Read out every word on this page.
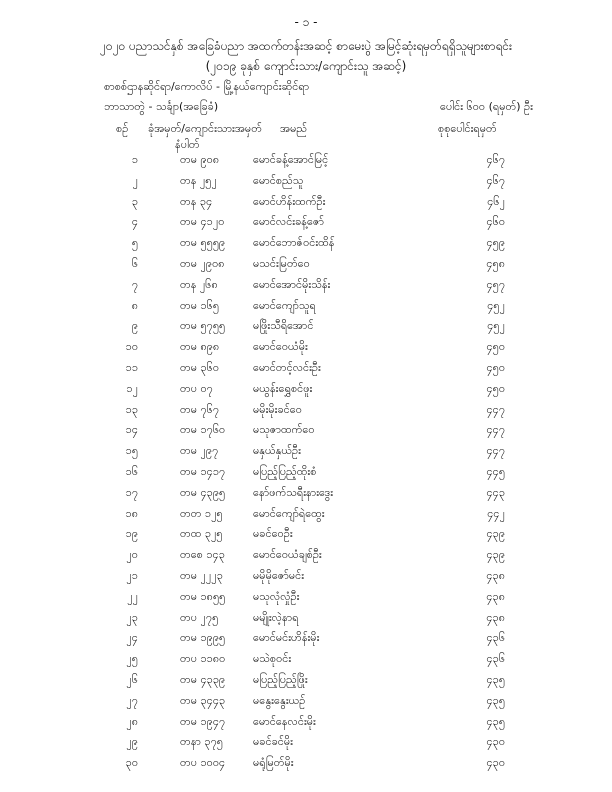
- ၁ -
၂၀၂၀ ပညာသင်နှစ် အခြေခံပညာ အထက်တန်းအဆင့် စာမေးပွဲ အမြင့်ဆုံးရမှတ်ရရှိသူများစာရင်း
(၂၀၁၉ ခုနှစ် ကျောင်းသား/ကျောင်းသူ အဆင့်)
စာစစ်ဌာနဆိုင်ရာ/ကောလိပ် - မြို့နယ်ကျောင်းဆိုင်ရာ
ဘာသာတွဲ - သင်္ချာ(အခြေခံ)	ပေါင်း ၆၀၀ (ရမှတ်) ဦး
စဉ် ခုံအမှတ်/ကျောင်းသားအမှတ်
နံပါတ်
အမည်	စုစုပေါင်းရမှတ်
၁	တမ ၉၀၈	မောင်ခန့်အောင်မြင့်	၄၆၇
၂	တန ၂၅၂	မောင်စည်သူ	၄၆၇
၃	တန ၃၄	မောင်ဟိန်းထက်ဦး	၄၆၂
၄	တမ ၄၁၂၀	မောင်လင်းခန့်ဇော်	၄၆၀
၅	တမ ၅၅၅၉	မောင်ဘောဇ်ဝင်းထိန်	၄၅၉
၆	တမ ၂၉၀၈	မသင်းမြတ်ဝေ	၄၅၈
၇	တန ၂၆၈	မောင်အောင်မိုးသိန်း	၄၅၇
၈	တမ ၁၆၅	မောင်ကျော်သူရ	၄၅၂
၉	တမ ၅၇၅၅	မဖြိုးသီရိအောင်	၄၅၂
၁၀	တမ ၈၉၈	မောင်ဝေယံမိုး	၄၅၀
၁၁	တမ ၃၆၀	မောင်တင့်လင်းဦး	၄၅၀
၁၂	တပ ၀၇	မယွန်းရွှေစင်ဖူး	၄၅၀
၁၃	တမ ၇၆၇	မမိုးမိုးခင်ဝေ	၄၄၇
၁၄	တမ ၁၇၆၀	မသုဇာထက်ဝေ	၄၄၇
၁၅	တမ ၂၉၇	မနှယ်နှယ်ဦး	၄၄၇
၁၆	တမ ၁၄၁၇	မပြည့်ပြည့်ထိုးစံ	၄၄၅
၁၇	တမ ၄၃၉၅	နော်ဖက်သရီးနားဒွေး	၄၄၃
၁၈	တတ ၁၂၅	မောင်ကျော်ရဲထွေး	၄၄၂
၁၉	တထ ၃၂၅	မခင်ဝေဦး	၄၃၉
၂၀	တစေ ၁၄၃	မောင်ဝေယံချစ်ဦး	၄၃၉
၂၁	တမ ၂၂၂၃	မမိုမိုဇော်မင်း	၄၃၈
၂၂	တမ ၁၈၅၅	မသုလုံလှုံဦး	၄၃၈
၂၃	တပ ၂၇၅	မမျိုးလဲ့နာရ	၄၃၈
၂၄	တမ ၁၉၉၅	မောင်မင်းဟိန်းမိုး	၄၃၆
၂၅	တပ ၁၁၈၀	မသဲစုဝင်း	၄၃၆
၂၆	တမ ၄၃၃၉	မပြည့်ပြည့်ဖြိုး	၄၃၅
၂၇	တမ ၃၄၄၃	မနွေးနွေးယဉ်	၄၃၅
၂၈	တမ ၁၉၄၇	မောင်နေလင်းမိုး	၄၃၅
၂၉	တနာ ၃၇၅	မခင်ခင်မိုး	၄၃၀
၃၀	တပ ၁၀၀၄	မရုံမြတ်မိုး	၄၃၀
